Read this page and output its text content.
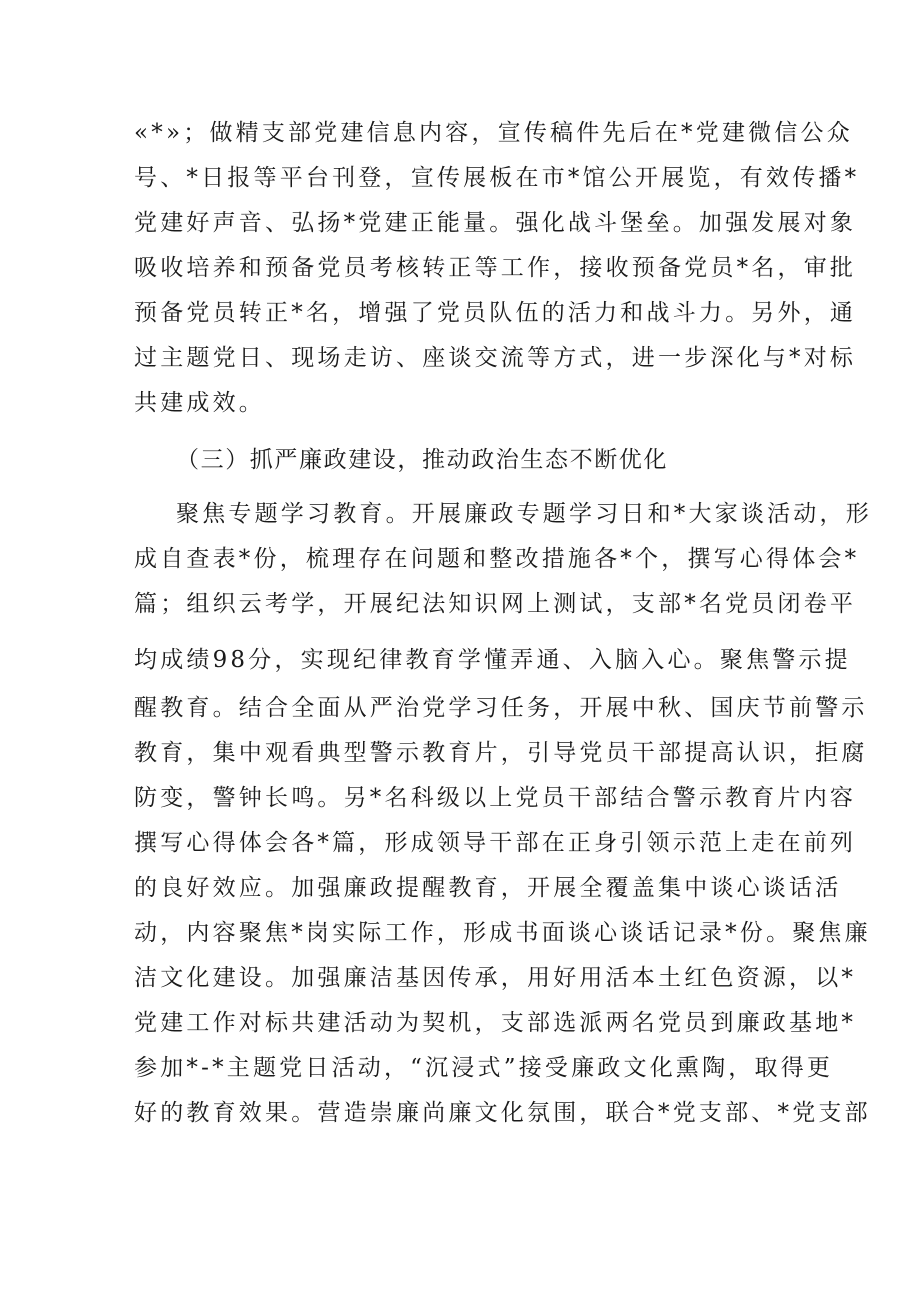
«*»；做精支部党建信息内容，宣传稿件先后在*党建微信公众
号、*日报等平台刊登，宣传展板在市*馆公开展览，有效传播*
党建好声音、弘扬*党建正能量。强化战斗堡垒。加强发展对象
吸收培养和预备党员考核转正等工作，接收预备党员*名，审批
预备党员转正*名，增强了党员队伍的活力和战斗力。另外，通
过主题党日、现场走访、座谈交流等方式，进一步深化与*对标
共建成效。
（三）抓严廉政建设，推动政治生态不断优化
聚焦专题学习教育。开展廉政专题学习日和*大家谈活动，形
成自查表*份，梳理存在问题和整改措施各*个，撰写心得体会*
篇；组织云考学，开展纪法知识网上测试，支部*名党员闭卷平
均成绩98分，实现纪律教育学懂弄通、入脑入心。聚焦警示提
醒教育。结合全面从严治党学习任务，开展中秋、国庆节前警示
教育，集中观看典型警示教育片，引导党员干部提高认识，拒腐
防变，警钟长鸣。另*名科级以上党员干部结合警示教育片内容
撰写心得体会各*篇，形成领导干部在正身引领示范上走在前列
的良好效应。加强廉政提醒教育，开展全覆盖集中谈心谈话活
动，内容聚焦*岗实际工作，形成书面谈心谈话记录*份。聚焦廉
洁文化建设。加强廉洁基因传承，用好用活本土红色资源，以*
党建工作对标共建活动为契机，支部选派两名党员到廉政基地*
参加*-*主题党日活动，“沉浸式”接受廉政文化熏陶，取得更
好的教育效果。营造崇廉尚廉文化氛围，联合*党支部、*党支部
